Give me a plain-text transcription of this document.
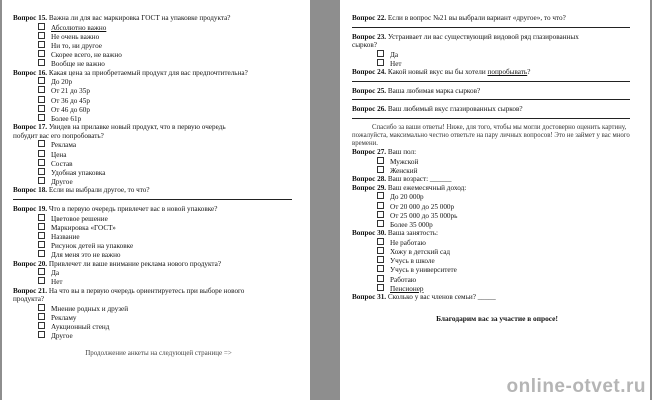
Вопрос 15. Важна ли для вас маркировка ГОСТ на упаковке продукта?

Абсолютно важно
Не очень важно
Ни то, ни другое
Скорее всего, не важно
Вообще не важно

Вопрос 16. Какая цена за приобретаемый продукт для вас предпочтительна?

До 20р
От 21 до 35р
От 36 до 45р
От 46 до 60р
Более 61р

Вопрос 17. Увидев на прилавке новый продукт, что в первую очередь

побудит вас его попробовать?

Реклама
Цена
Состав
Удобная упаковка
Другое

Вопрос 18. Если вы выбрали другое, то что?

Вопрос 19. Что в первую очередь привлечет вас в новой упаковке?

Цветовое решение
Маркировка «ГОСТ»
Название
Рисунок детей на упаковке
Для меня это не важно

Вопрос 20. Привлечет ли ваше внимание реклама нового продукта?

Да
Нет

Вопрос 21. На что вы в первую очередь ориентируетесь при выборе нового

продукта?

Мнение родных и друзей
Рекламу
Аукционный стенд
Другое
Продолжение анкеты на следующей странице =>

Вопрос 22. Если в вопрос №21 вы выбрали вариант «другое», то что?

Вопрос 23. Устраивает ли вас существующий видовой ряд глазированных

сырков?

Да
Нет

Вопрос 24. Какой новый вкус вы бы хотели попробывать?

Вопрос 25. Ваша любимая марка сырков?

Вопрос 26. Ваш любимый вкус глазированных сырков?

Спасибо за ваши ответы! Ниже, для того, чтобы мы могли достоверно оценить картину, пожалуйста, максимально честно ответьте на пару личных вопросов! Это не займет у вас много времени.

Вопрос 27. Ваш пол:

Мужской
Женский

Вопрос 28. Ваш возраст: ______

Вопрос 29. Ваш ежемесячный доход:

До 20 000р
От 20 000 до 25 000р
От 25 000 до 35 000рь
Более 35 000р

Вопрос 30. Ваша занятость:

Не работаю
Хожу в детский сад
Учусь в школе
Учусь в университете
Работаю
Пенсионер

Вопрос 31. Сколько у вас членов семьи? _____

Благодарим вас за участие в опросе!
online-otvet.ru
